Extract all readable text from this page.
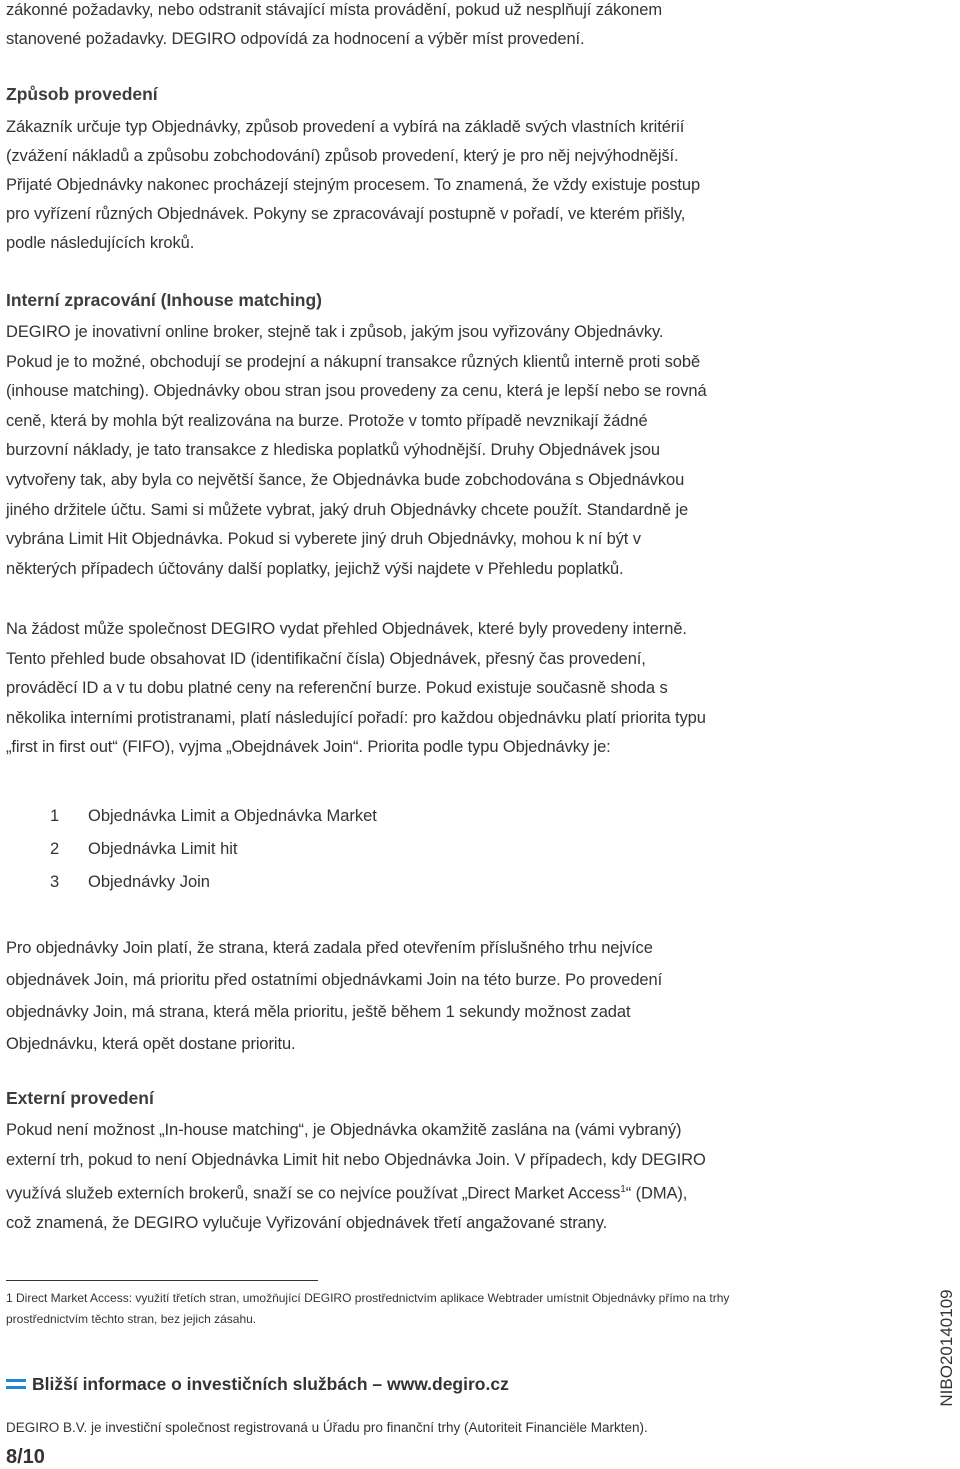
zákonné požadavky, nebo odstranit stávající místa provádění, pokud už nesplňují zákonem
stanovené požadavky. DEGIRO odpovídá za hodnocení a výběr míst provedení.

Způsob provedení

Zákazník určuje typ Objednávky, způsob provedení a vybírá na základě svých vlastních kritérií
(zvážení nákladů a způsobu zobchodování) způsob provedení, který je pro něj nejvýhodnější.
Přijaté Objednávky nakonec procházejí stejným procesem. To znamená, že vždy existuje postup
pro vyřízení různých Objednávek. Pokyny se zpracovávají postupně v pořadí, ve kterém přišly,
podle následujících kroků.

Interní zpracování (Inhouse matching)

DEGIRO je inovativní online broker, stejně tak i způsob, jakým jsou vyřizovány Objednávky.
Pokud je to možné, obchodují se prodejní a nákupní transakce různých klientů interně proti sobě
(inhouse matching). Objednávky obou stran jsou provedeny za cenu, která je lepší nebo se rovná
ceně, která by mohla být realizována na burze. Protože v tomto případě nevznikají žádné
burzovní náklady, je tato transakce z hlediska poplatků výhodnější. Druhy Objednávek jsou
vytvořeny tak, aby byla co největší šance, že Objednávka bude zobchodována s Objednávkou
jiného držitele účtu. Sami si můžete vybrat, jaký druh Objednávky chcete použít. Standardně je
vybrána Limit Hit Objednávka. Pokud si vyberete jiný druh Objednávky, mohou k ní být v
některých případech účtovány další poplatky, jejichž výši najdete v Přehledu poplatků.

Na žádost může společnost DEGIRO vydat přehled Objednávek, které byly provedeny interně.
Tento přehled bude obsahovat ID (identifikační čísla) Objednávek, přesný čas provedení,
prováděcí ID a v tu dobu platné ceny na referenční burze. Pokud existuje současně shoda s
několika interními protistranami, platí následující pořadí: pro každou objednávku platí priorita typu
„first in first out“ (FIFO), vyjma „Obejdnávek Join“. Priorita podle typu Objednávky je:

1 Objednávka Limit a Objednávka Market
2 Objednávka Limit hit
3 Objednávky Join

Pro objednávky Join platí, že strana, která zadala před otevřením příslušného trhu nejvíce
objednávek Join, má prioritu před ostatními objednávkami Join na této burze. Po provedení
objednávky Join, má strana, která měla prioritu, ještě během 1 sekundy možnost zadat
Objednávku, která opět dostane prioritu.

Externí provedení

Pokud není možnost „In-house matching“, je Objednávka okamžitě zaslána na (vámi vybraný)
externí trh, pokud to není Objednávka Limit hit nebo Objednávka Join. V případech, kdy DEGIRO
využívá služeb externích brokerů, snaží se co nejvíce používat „Direct Market Access$^1$“ (DMA),
což znamená, že DEGIRO vylučuje Vyřizování objednávek třetí angažované strany.

1 Direct Market Access: využití třetích stran, umožňující DEGIRO prostřednictvím aplikace Webtrader umístnit Objednávky přímo na trhy
prostřednictvím těchto stran, bez jejich zásahu.

Bližší informace o investičních službách – www.degiro.cz
DEGIRO B.V. je investiční společnost registrovaná u Úřadu pro finanční trhy (Autoriteit Financiële Markten).
8/10
NIBO20140109
